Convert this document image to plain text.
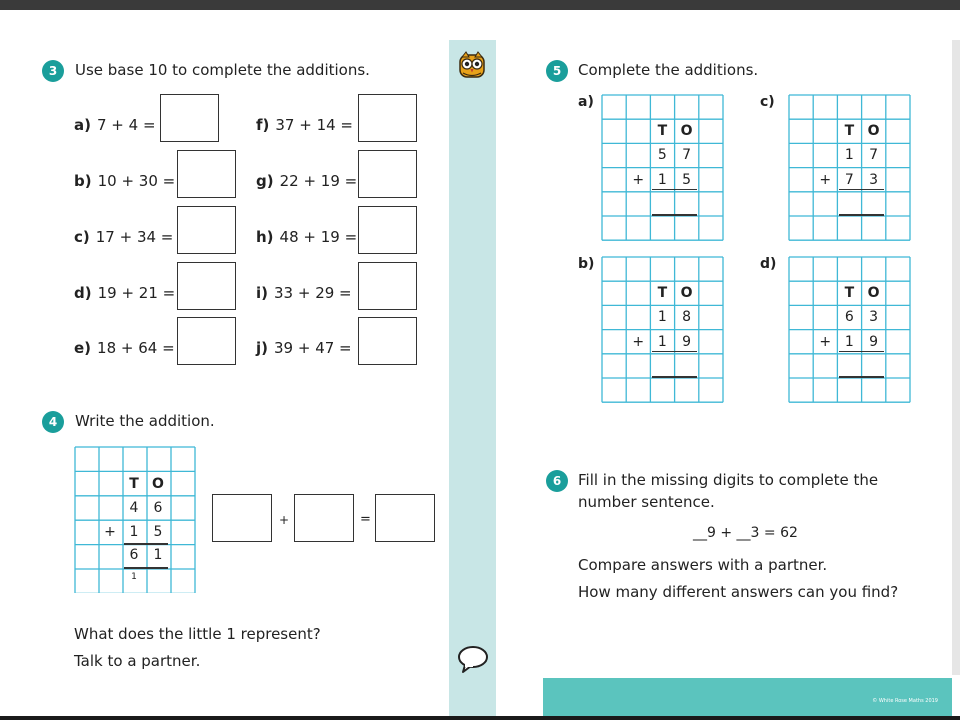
3	Use base 10 to complete the additions.
a) 7 + 4 =
b) 10 + 30 =
c) 17 + 34 =
d) 19 + 21 =
e) 18 + 64 =
f) 37 + 14 =
g) 22 + 19 =
h) 48 + 19 =
i) 33 + 29 =
j) 39 + 47 =
4	Write the addition.
T O
4	6
+ 1	5
6	1
1
+	=
What does the little 1 represent?
Talk to a partner.
5	Complete the additions.
a)
T O
5	7
+ 1	5
c)
T O
1	7
+ 7	3
b)
T O
1	8
+ 1	9
d)
T O
6	3
+ 1	9
6	Fill in the missing digits to complete the
number sentence.
__9 + __3 = 62
Compare answers with a partner.
How many different answers can you find?
© White Rose Maths 2019
